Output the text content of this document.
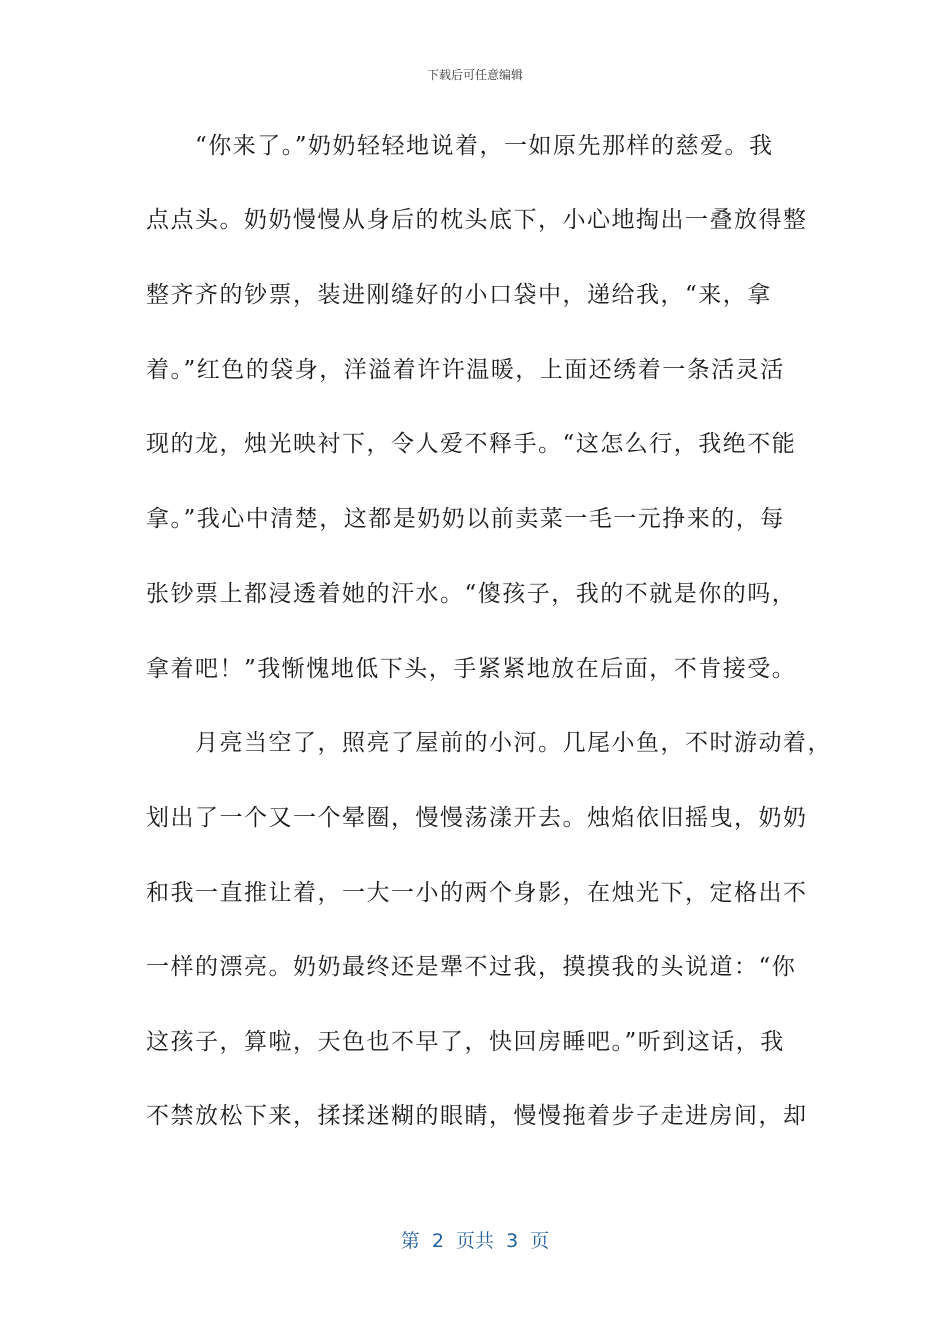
下载后可任意编辑
　　“你来了。”奶奶轻轻地说着，一如原先那样的慈爱。我
点点头。奶奶慢慢从身后的枕头底下，小心地掏出一叠放得整
整齐齐的钞票，装进刚缝好的小口袋中，递给我，“来，拿
着。”红色的袋身，洋溢着许许温暖，上面还绣着一条活灵活
现的龙，烛光映衬下，令人爱不释手。“这怎么行，我绝不能
拿。”我心中清楚，这都是奶奶以前卖菜一毛一元挣来的，每
张钞票上都浸透着她的汗水。“傻孩子，我的不就是你的吗，
拿着吧！”我惭愧地低下头，手紧紧地放在后面，不肯接受。
　　月亮当空了，照亮了屋前的小河。几尾小鱼，不时游动着，
划出了一个又一个晕圈，慢慢荡漾开去。烛焰依旧摇曳，奶奶
和我一直推让着，一大一小的两个身影，在烛光下，定格出不
一样的漂亮。奶奶最终还是犟不过我，摸摸我的头说道：“你
这孩子，算啦，天色也不早了，快回房睡吧。”听到这话，我
不禁放松下来，揉揉迷糊的眼睛，慢慢拖着步子走进房间，却
第  2  页共  3  页
